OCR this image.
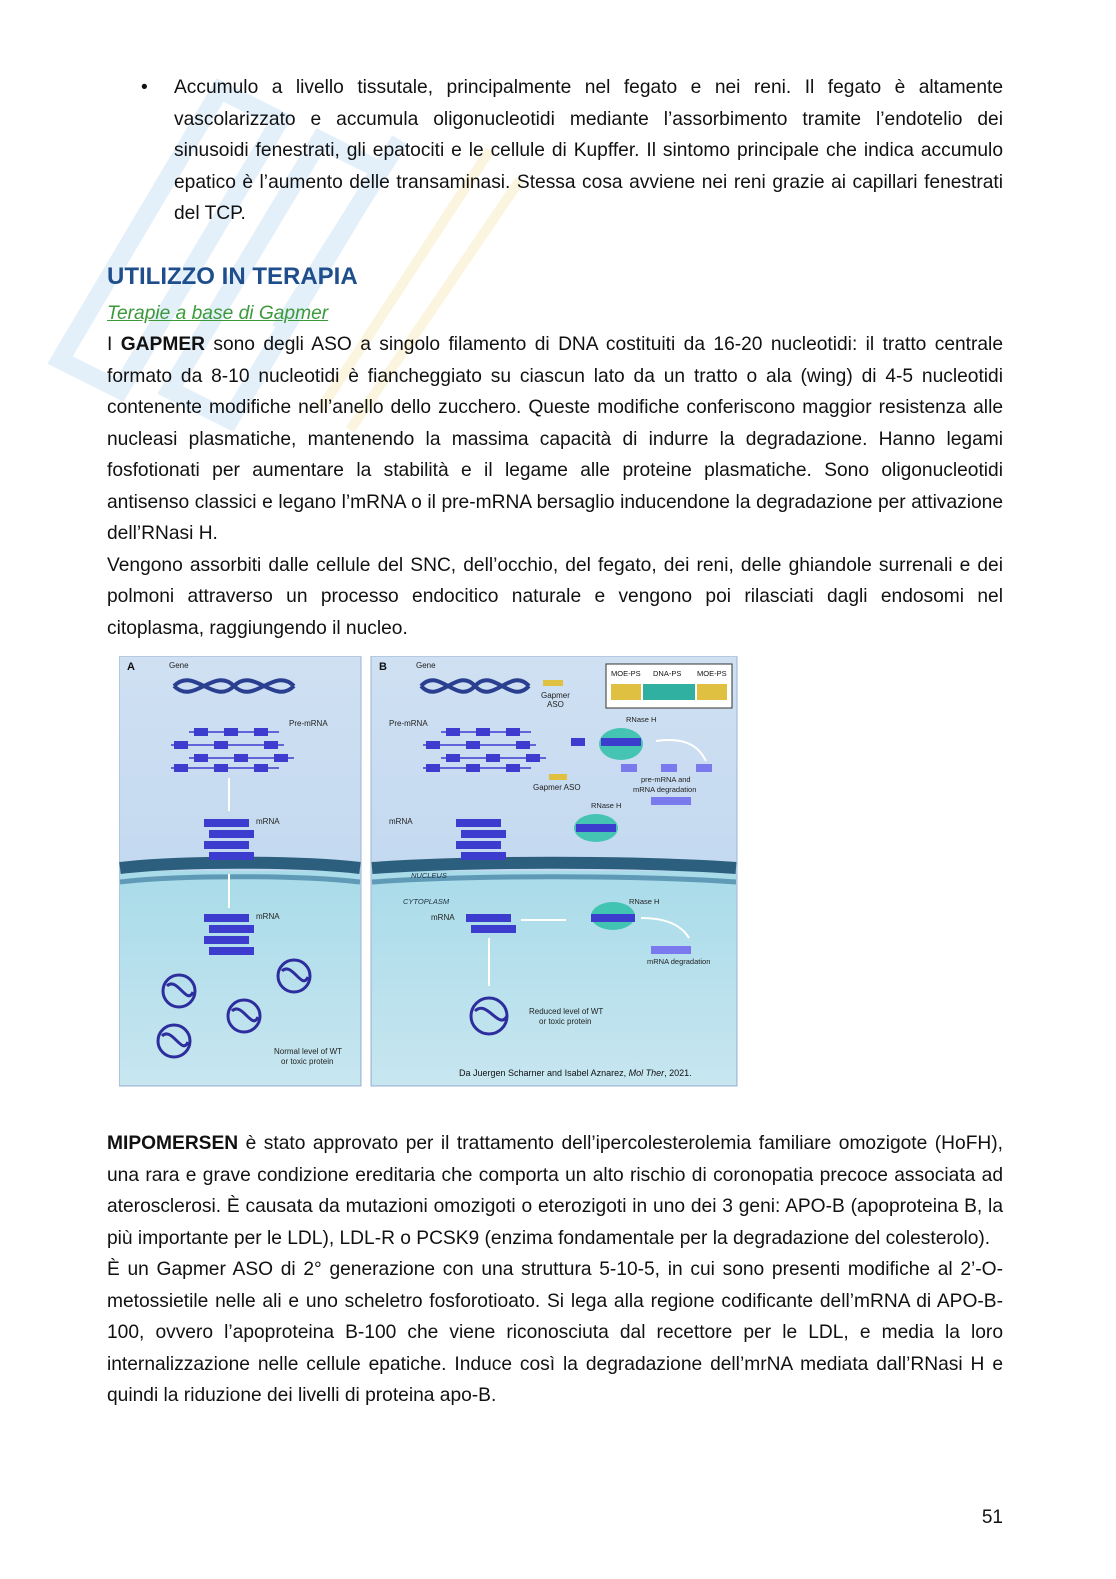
• Accumulo a livello tissutale, principalmente nel fegato e nei reni. Il fegato è altamente vascolarizzato e accumula oligonucleotidi mediante l’assorbimento tramite l’endotelio dei sinusoidi fenestrati, gli epatociti e le cellule di Kupffer. Il sintomo principale che indica accumulo epatico è l’aumento delle transaminasi. Stessa cosa avviene nei reni grazie ai capillari fenestrati del TCP.
UTILIZZO IN TERAPIA

Terapie a base di Gapmer

I GAPMER sono degli ASO a singolo filamento di DNA costituiti da 16-20 nucleotidi: il tratto centrale formato da 8-10 nucleotidi è fiancheggiato su ciascun lato da un tratto o ala (wing) di 4-5 nucleotidi contenente modifiche nell’anello dello zucchero. Queste modifiche conferiscono maggior resistenza alle nucleasi plasmatiche, mantenendo la massima capacità di indurre la degradazione. Hanno legami fosfotionati per aumentare la stabilità e il legame alle proteine plasmatiche. Sono oligonucleotidi antisenso classici e legano l’mRNA o il pre-mRNA bersaglio inducendone la degradazione per attivazione dell’RNasi H.

Vengono assorbiti dalle cellule del SNC, dell’occhio, del fegato, dei reni, delle ghiandole surrenali e dei polmoni attraverso un processo endocitico naturale e vengono poi rilasciati dagli endosomi nel citoplasma, raggiungendo il nucleo.

A	Gene
Pre-mRNA
mRNA
mRNA
Normal level of WT
or toxic protein
B	Gene
Gapmer
ASO
MOE-PS DNA-PS MOE-PS
Pre-mRNA	RNase H
pre-mRNA and
mRNA degradation
Gapmer ASO
mRNA
RNase H
NUCLEUS
CYTOPLASM
mRNA
RNase H
mRNA degradation
Reduced level of WT
or toxic protein
Da Juergen Scharner and Isabel Aznarez, Mol Ther, 2021.

MIPOMERSEN è stato approvato per il trattamento dell’ipercolesterolemia familiare omozigote (HoFH), una rara e grave condizione ereditaria che comporta un alto rischio di coronopatia precoce associata ad aterosclerosi. È causata da mutazioni omozigoti o eterozigoti in uno dei 3 geni: APO-B (apoproteina B, la più importante per le LDL), LDL-R o PCSK9 (enzima fondamentale per la degradazione del colesterolo).

È un Gapmer ASO di 2° generazione con una struttura 5-10-5, in cui sono presenti modifiche al 2’-O-metossietile nelle ali e uno scheletro fosforotioato. Si lega alla regione codificante dell’mRNA di APO-B-100, ovvero l’apoproteina B-100 che viene riconosciuta dal recettore per le LDL, e media la loro internalizzazione nelle cellule epatiche. Induce così la degradazione dell’mrNA mediata dall’RNasi H e quindi la riduzione dei livelli di proteina apo-B.

51
